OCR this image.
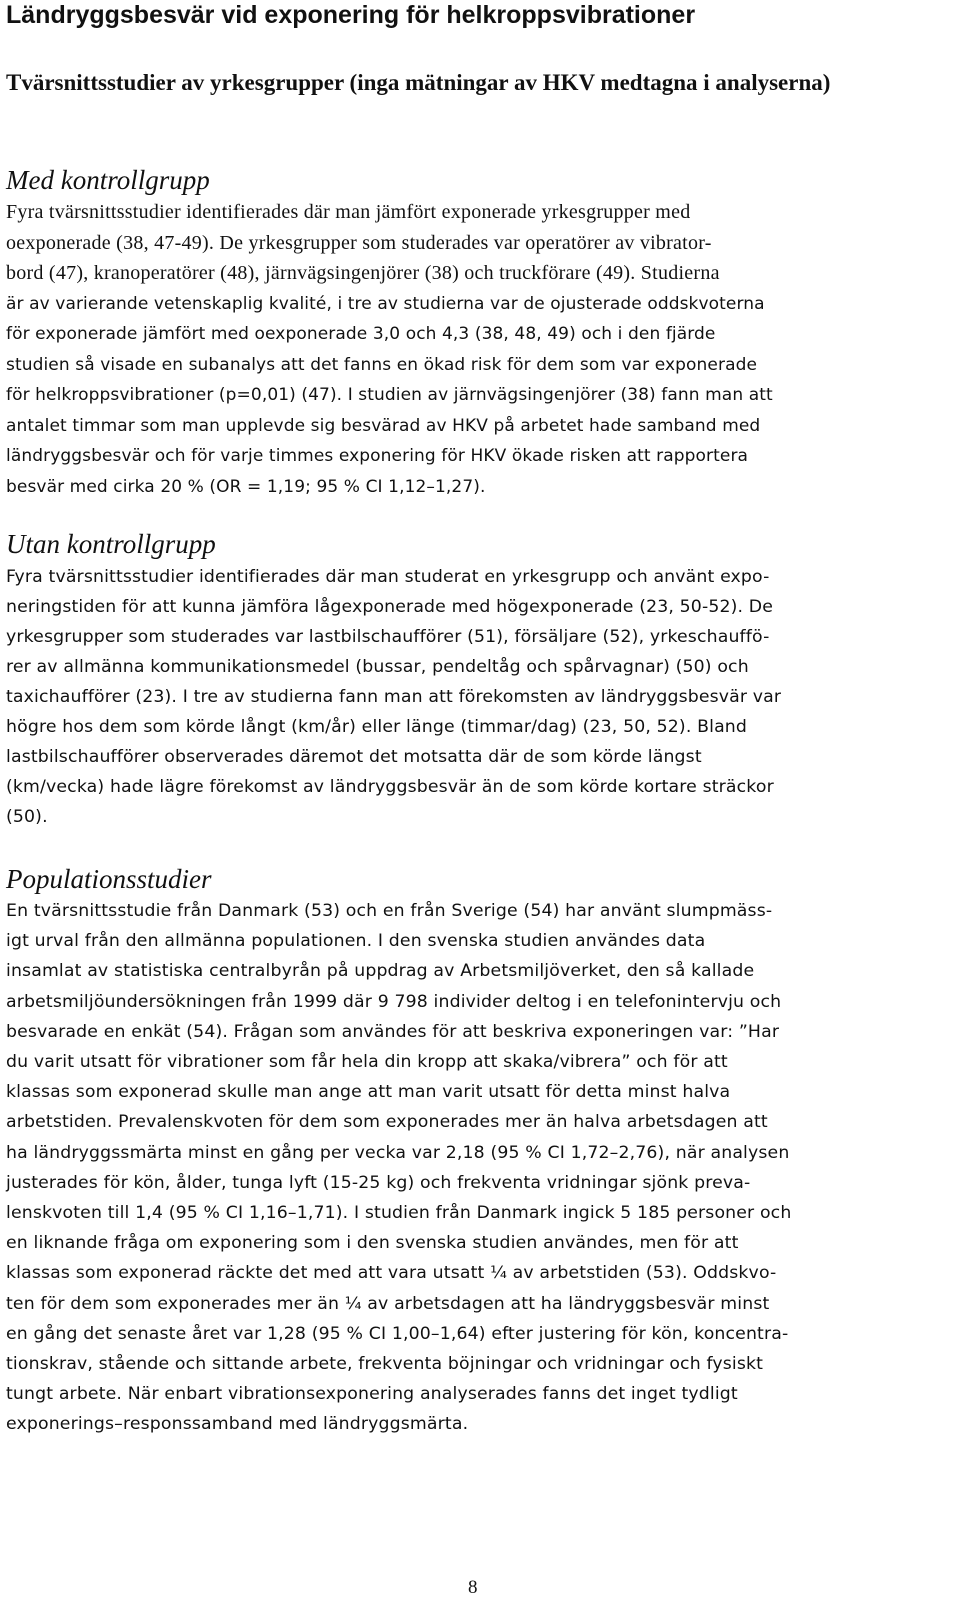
Ländryggsbesvär vid exponering för helkroppsvibrationer
Tvärsnittsstudier av yrkesgrupper (inga mätningar av HKV medtagna i analyserna)
Med kontrollgrupp
Fyra tvärsnittsstudier identifierades där man jämfört exponerade yrkesgrupper med
oexponerade (38, 47-49). De yrkesgrupper som studerades var operatörer av vibrator-
bord (47), kranoperatörer (48), järnvägsingenjörer (38) och truckförare (49). Studierna
är av varierande vetenskaplig kvalité, i tre av studierna var de ojusterade oddskvoterna
för exponerade jämfört med oexponerade 3,0 och 4,3 (38, 48, 49) och i den fjärde
studien så visade en subanalys att det fanns en ökad risk för dem som var exponerade
för helkroppsvibrationer (p=0,01) (47). I studien av järnvägsingenjörer (38) fann man att
antalet timmar som man upplevde sig besvärad av HKV på arbetet hade samband med
ländryggsbesvär och för varje timmes exponering för HKV ökade risken att rapportera
besvär med cirka 20 % (OR = 1,19; 95 % CI 1,12–1,27).
Utan kontrollgrupp
Fyra tvärsnittsstudier identifierades där man studerat en yrkesgrupp och använt expo-
neringstiden för att kunna jämföra lågexponerade med högexponerade (23, 50-52). De
yrkesgrupper som studerades var lastbilschaufförer (51), försäljare (52), yrkeschauffö-
rer av allmänna kommunikationsmedel (bussar, pendeltåg och spårvagnar) (50) och
taxichaufförer (23). I tre av studierna fann man att förekomsten av ländryggsbesvär var
högre hos dem som körde långt (km/år) eller länge (timmar/dag) (23, 50, 52). Bland
lastbilschaufförer observerades däremot det motsatta där de som körde längst
(km/vecka) hade lägre förekomst av ländryggsbesvär än de som körde kortare sträckor
(50).
Populationsstudier
En tvärsnittsstudie från Danmark (53) och en från Sverige (54) har använt slumpmäss-
igt urval från den allmänna populationen. I den svenska studien användes data
insamlat av statistiska centralbyrån på uppdrag av Arbetsmiljöverket, den så kallade
arbetsmiljöundersökningen från 1999 där 9 798 individer deltog i en telefonintervju och
besvarade en enkät (54). Frågan som användes för att beskriva exponeringen var: ”Har
du varit utsatt för vibrationer som får hela din kropp att skaka/vibrera” och för att
klassas som exponerad skulle man ange att man varit utsatt för detta minst halva
arbetstiden. Prevalenskvoten för dem som exponerades mer än halva arbetsdagen att
ha ländryggssmärta minst en gång per vecka var 2,18 (95 % CI 1,72–2,76), när analysen
justerades för kön, ålder, tunga lyft (15-25 kg) och frekventa vridningar sjönk preva-
lenskvoten till 1,4 (95 % CI 1,16–1,71). I studien från Danmark ingick 5 185 personer och
en liknande fråga om exponering som i den svenska studien användes, men för att
klassas som exponerad räckte det med att vara utsatt ¼ av arbetstiden (53). Oddskvo-
ten för dem som exponerades mer än ¼ av arbetsdagen att ha ländryggsbesvär minst
en gång det senaste året var 1,28 (95 % CI 1,00–1,64) efter justering för kön, koncentra-
tionskrav, stående och sittande arbete, frekventa böjningar och vridningar och fysiskt
tungt arbete. När enbart vibrationsexponering analyserades fanns det inget tydligt
exponerings–responssamband med ländryggsmärta.

8
